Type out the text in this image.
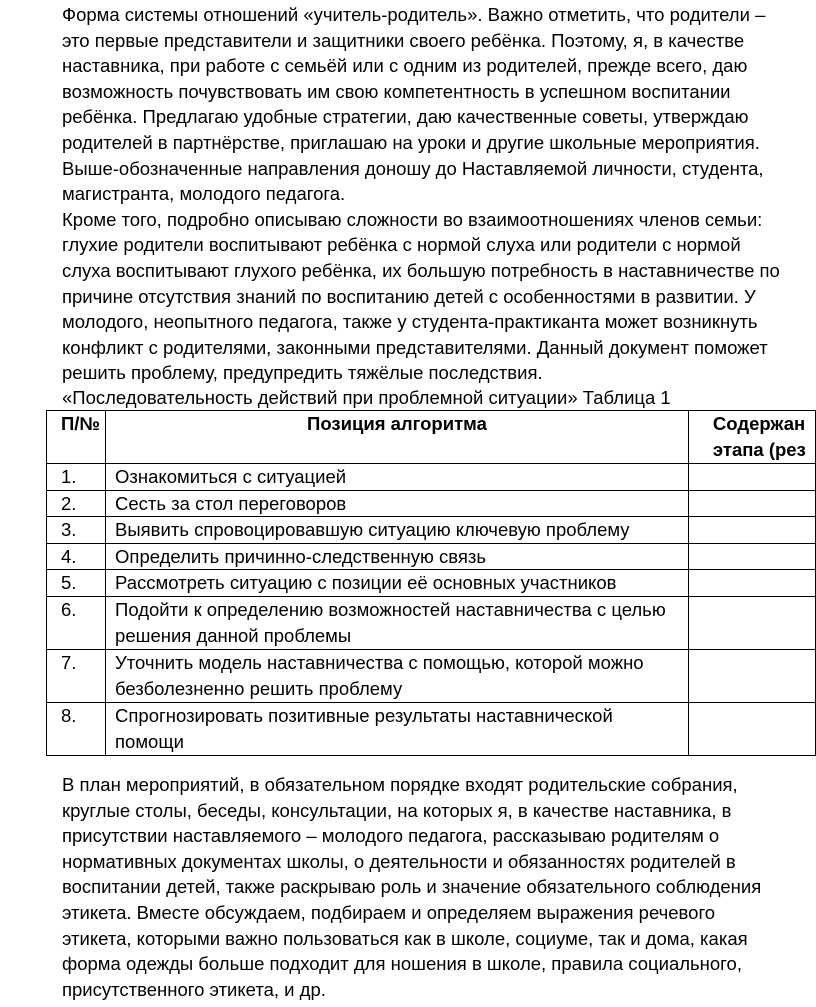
Форма системы отношений «учитель-родитель». Важно отметить, что родители –
это первые представители и защитники своего ребёнка. Поэтому, я, в качестве
наставника, при работе с семьёй или с одним из родителей, прежде всего, даю
возможность почувствовать им свою компетентность в успешном воспитании
ребёнка. Предлагаю удобные стратегии, даю качественные советы, утверждаю
родителей в партнёрстве, приглашаю на уроки и другие школьные мероприятия.
Выше-обозначенные направления доношу до Наставляемой личности, студента,
магистранта, молодого педагога.
Кроме того, подробно описываю сложности во взаимоотношениях членов семьи:
глухие родители воспитывают ребёнка с нормой слуха или родители с нормой
слуха воспитывают глухого ребёнка, их большую потребность в наставничестве по
причине отсутствия знаний по воспитанию детей с особенностями в развитии. У
молодого, неопытного педагога, также у студента-практиканта может возникнуть
конфликт с родителями, законными представителями. Данный документ поможет
решить проблему, предупредить тяжёлые последствия.
«Последовательность действий при проблемной ситуации» Таблица 1
П/№	Позиция алгоритма	Содержан
этапа (рез

1.	Ознакомиться с ситуацией	
2.	Сесть за стол переговоров	
3.	Выявить спровоцировавшую ситуацию ключевую проблему	
4.	Определить причинно-следственную связь	
5.	Рассмотреть ситуацию с позиции её основных участников	
6.	Подойти к определению возможностей наставничества с целью
решения данной проблемы	

7.	Уточнить модель наставничества с помощью, которой можно
безболезненно решить проблему	

8.	Спрогнозировать позитивные результаты наставнической
помощи	

В план мероприятий, в обязательном порядке входят родительские собрания,
круглые столы, беседы, консультации, на которых я, в качестве наставника, в
присутствии наставляемого – молодого педагога, рассказываю родителям о
нормативных документах школы, о деятельности и обязанностях родителей в
воспитании детей, также раскрываю роль и значение обязательного соблюдения
этикета. Вместе обсуждаем, подбираем и определяем выражения речевого
этикета, которыми важно пользоваться как в школе, социуме, так и дома, какая
форма одежды больше подходит для ношения в школе, правила социального,
присутственного этикета, и др.
